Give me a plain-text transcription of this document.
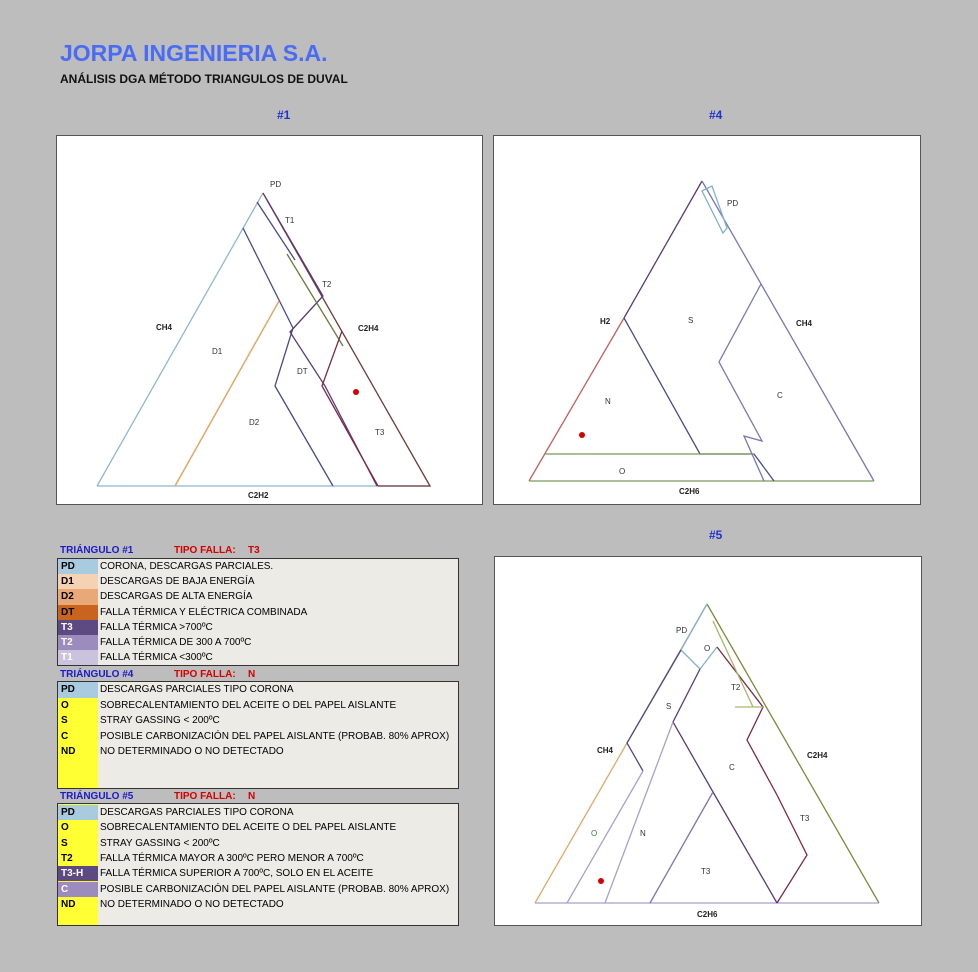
JORPA INGENIERIA S.A.
ANÁLISIS DGA MÉTODO TRIANGULOS DE DUVAL
#1	#4
#5
PD
T1
T2
D1
DT
D2
T3
CH4	C2H4
C2H2
PD
S
N
C
O
H2	CH4
C2H6
PD
O
T2
S
C
O	N
T3
T3
CH4
C2H4
C2H6
TRIÁNGULO #1	TIPO FALLA: T3
PD	CORONA, DESCARGAS PARCIALES.
D1	DESCARGAS DE BAJA ENERGÍA
D2	DESCARGAS DE ALTA ENERGÍA
DT	FALLA TÉRMICA Y ELÉCTRICA COMBINADA
T3	FALLA TÉRMICA >700ºC
T2	FALLA TÉRMICA DE 300 A 700ºC
T1	FALLA TÉRMICA <300ºC
TRIÁNGULO #4	TIPO FALLA: N
PD	DESCARGAS PARCIALES TIPO CORONA
O	SOBRECALENTAMIENTO DEL ACEITE O DEL PAPEL AISLANTE
S	STRAY GASSING < 200ºC
C	POSIBLE CARBONIZACIÓN DEL PAPEL AISLANTE (PROBAB. 80% APROX)
ND	NO DETERMINADO O NO DETECTADO
TRIÁNGULO #5	TIPO FALLA: N
PD	DESCARGAS PARCIALES TIPO CORONA
O	SOBRECALENTAMIENTO DEL ACEITE O DEL PAPEL AISLANTE
S	STRAY GASSING < 200ºC
T2	FALLA TÉRMICA MAYOR A 300ºC PERO MENOR A 700ºC
T3-H	FALLA TÉRMICA SUPERIOR A 700ºC, SOLO EN EL ACEITE
C	POSIBLE CARBONIZACIÓN DEL PAPEL AISLANTE (PROBAB. 80% APROX)
ND	NO DETERMINADO O NO DETECTADO
